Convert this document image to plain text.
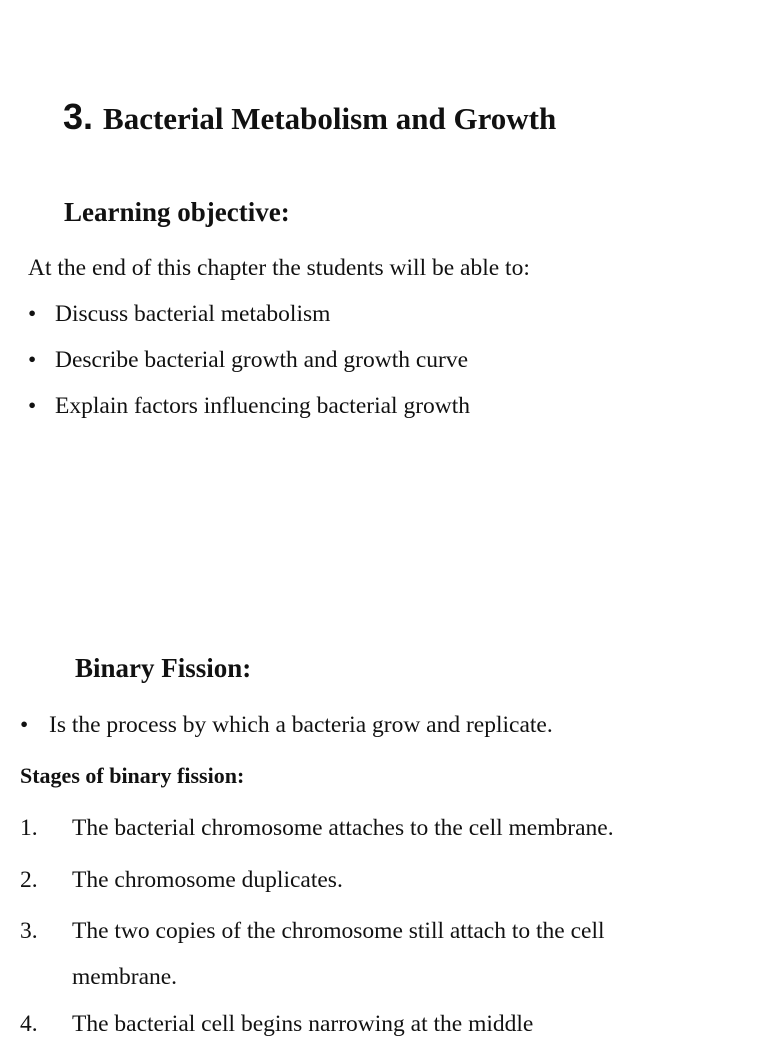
3. Bacterial Metabolism and Growth
Learning objective:

At the end of this chapter the students will be able to:

• Discuss bacterial metabolism
• Describe bacterial growth and growth curve
• Explain factors influencing bacterial growth
Binary Fission:

• Is the process by which a bacteria grow and replicate.

Stages of binary fission:

1. The bacterial chromosome attaches to the cell membrane.

2. The chromosome duplicates.

3. The two copies of the chromosome still attach to the cell

membrane.

4. The bacterial cell begins narrowing at the middle
